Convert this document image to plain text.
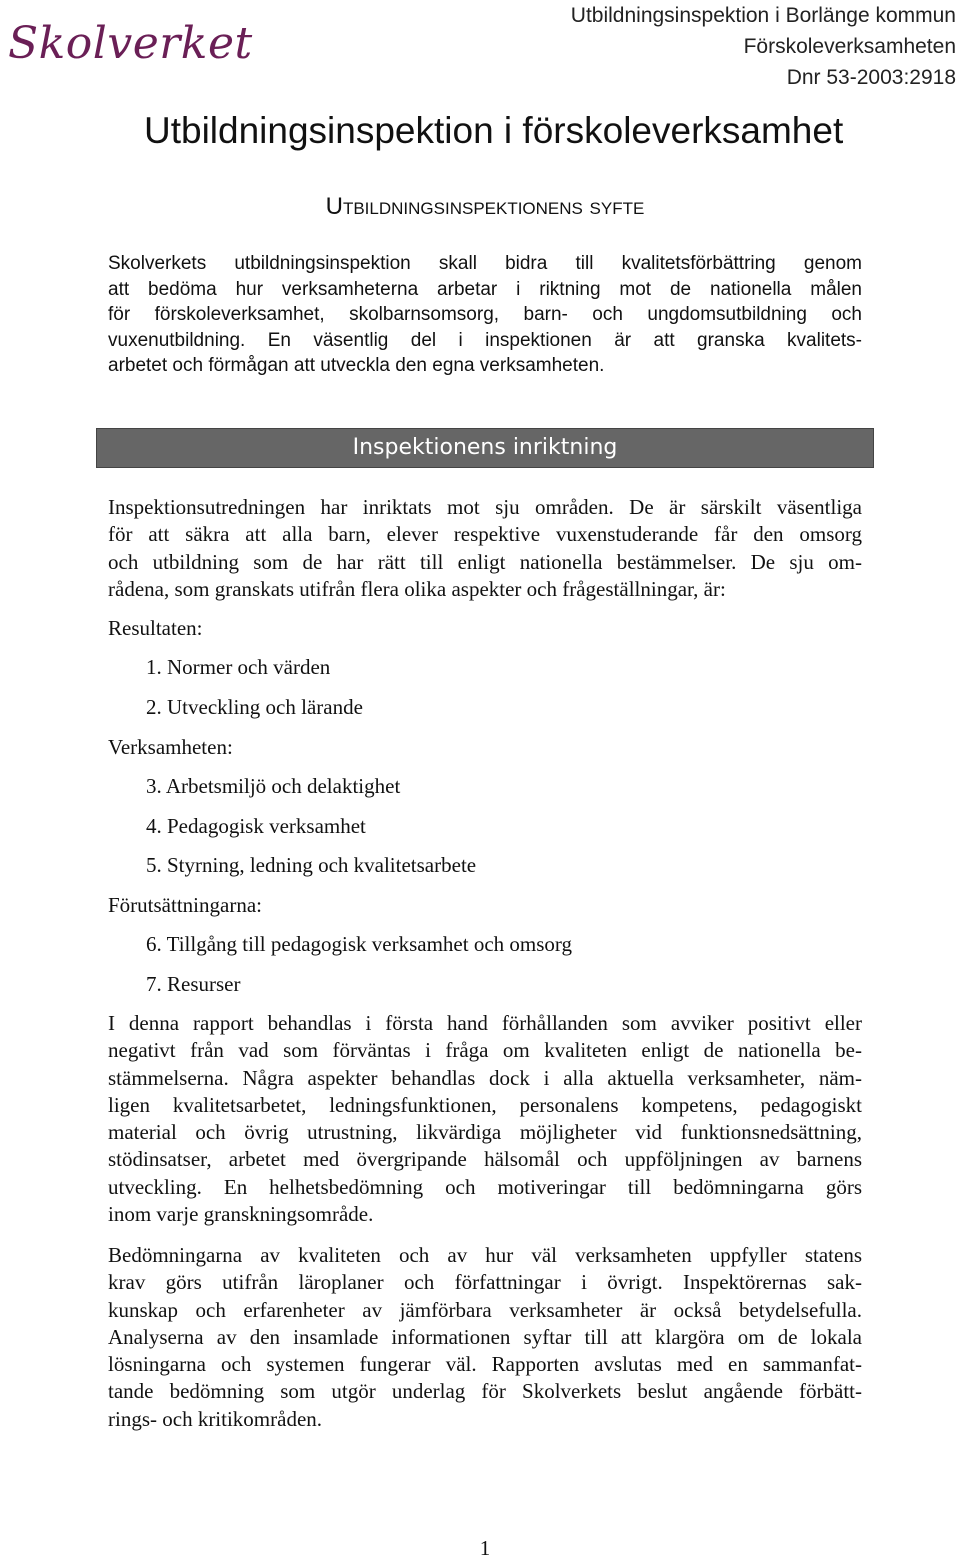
Skolverket
Utbildningsinspektion i Borlänge kommun
Förskoleverksamheten
Dnr 53-2003:2918
Utbildningsinspektion i förskoleverksamhet
Utbildningsinspektionens syfte
Skolverkets utbildningsinspektion skall bidra till kvalitetsförbättring genom
att bedöma hur verksamheterna arbetar i riktning mot de nationella målen
för förskoleverksamhet, skolbarnsomsorg, barn- och ungdomsutbildning och
vuxenutbildning. En väsentlig del i inspektionen är att granska kvalitets-
arbetet och förmågan att utveckla den egna verksamheten.
Inspektionens inriktning
Inspektionsutredningen har inriktats mot sju områden. De är särskilt väsentliga
för att säkra att alla barn, elever respektive vuxenstuderande får den omsorg
och utbildning som de har rätt till enligt nationella bestämmelser. De sju om-
rådena, som granskats utifrån flera olika aspekter och frågeställningar, är:
Resultaten:
1. Normer och värden
2. Utveckling och lärande
Verksamheten:
3. Arbetsmiljö och delaktighet
4. Pedagogisk verksamhet
5. Styrning, ledning och kvalitetsarbete
Förutsättningarna:
6. Tillgång till pedagogisk verksamhet och omsorg
7. Resurser
I denna rapport behandlas i första hand förhållanden som avviker positivt eller
negativt från vad som förväntas i fråga om kvaliteten enligt de nationella be-
stämmelserna. Några aspekter behandlas dock i alla aktuella verksamheter, näm-
ligen kvalitetsarbetet, ledningsfunktionen, personalens kompetens, pedagogiskt
material och övrig utrustning, likvärdiga möjligheter vid funktionsnedsättning,
stödinsatser, arbetet med övergripande hälsomål och uppföljningen av barnens
utveckling. En helhetsbedömning och motiveringar till bedömningarna görs
inom varje granskningsområde.
Bedömningarna av kvaliteten och av hur väl verksamheten uppfyller statens
krav görs utifrån läroplaner och författningar i övrigt. Inspektörernas sak-
kunskap och erfarenheter av jämförbara verksamheter är också betydelsefulla.
Analyserna av den insamlade informationen syftar till att klargöra om de lokala
lösningarna och systemen fungerar väl. Rapporten avslutas med en sammanfat-
tande bedömning som utgör underlag för Skolverkets beslut angående förbätt-
rings- och kritikområden.
1
